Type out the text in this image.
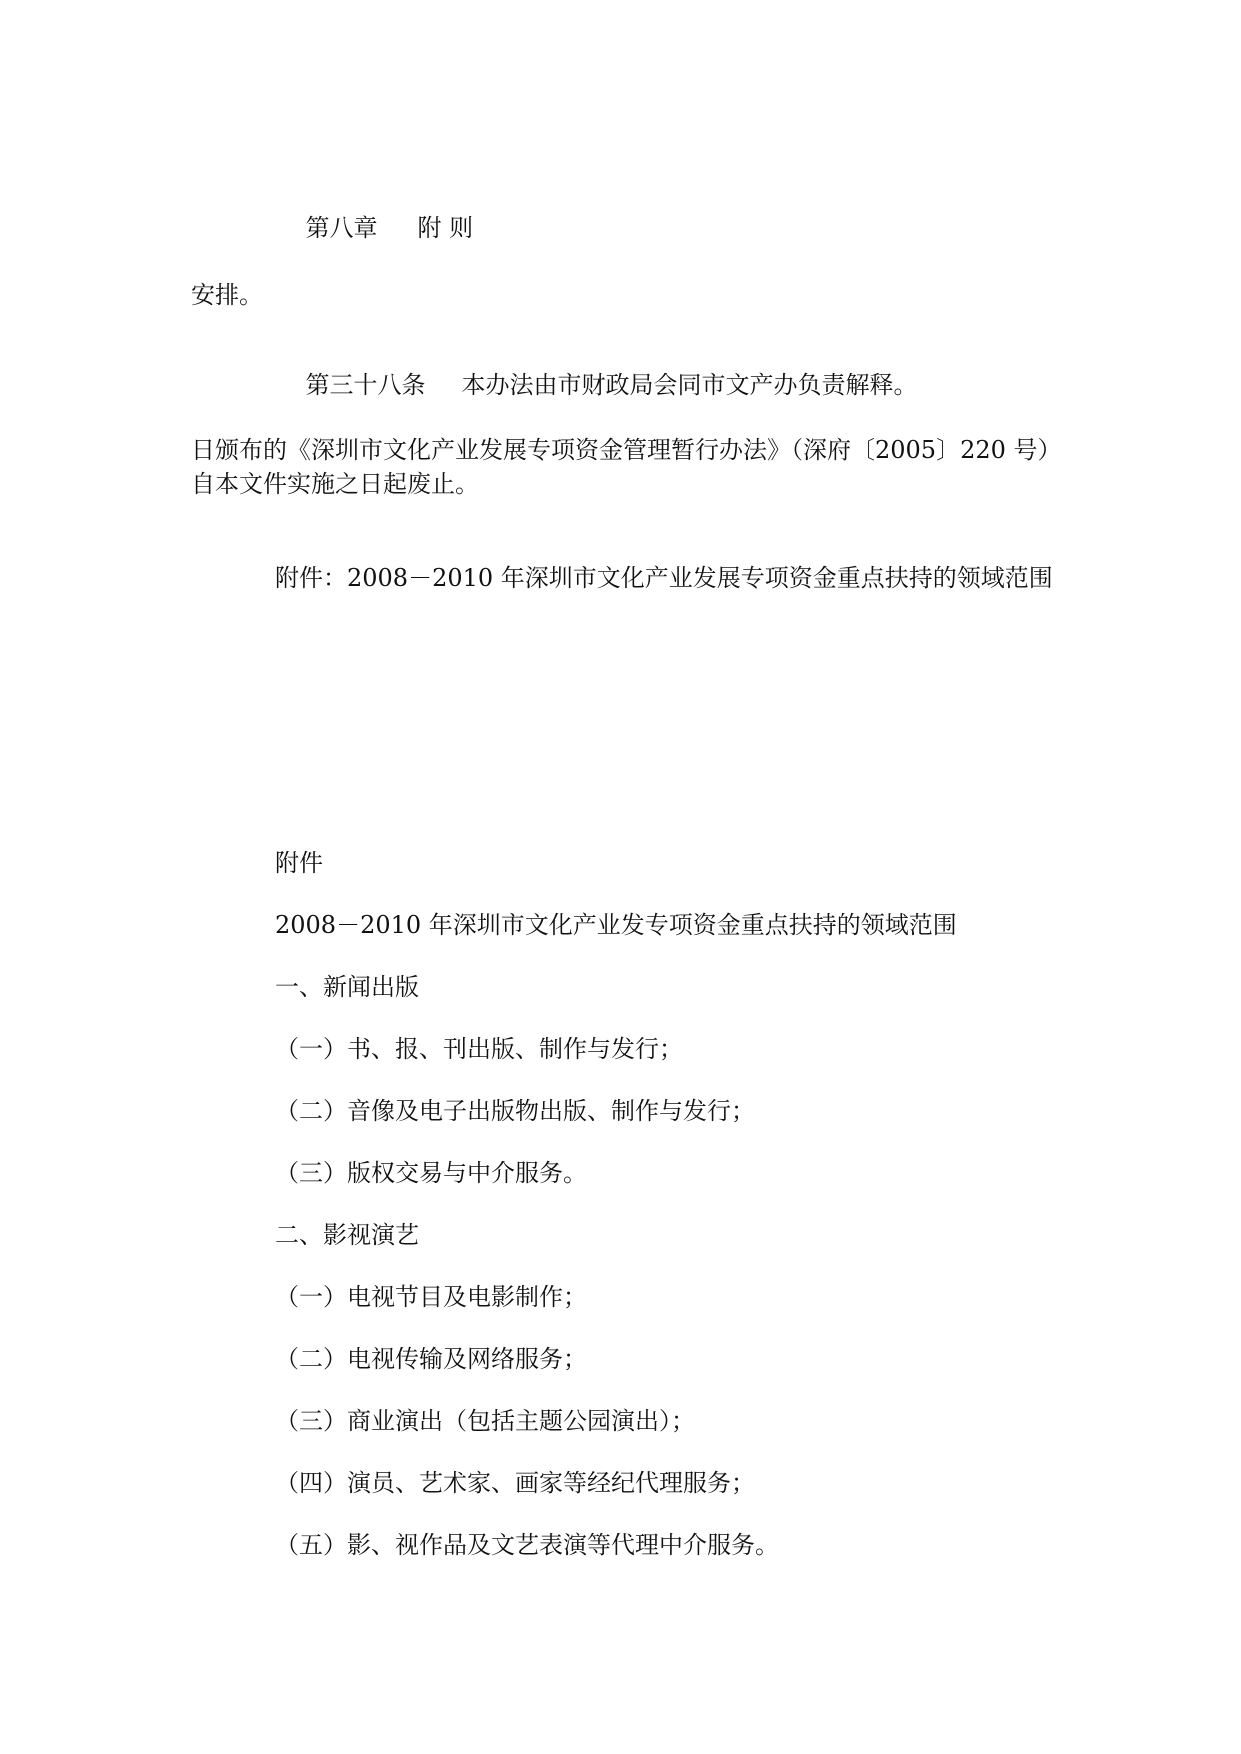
第八章 附 则

安排。

第三十八条 本办法由市财政局会同市文产办负责解释。

日颁布的《深圳市文化产业发展专项资金管理暂行办法》（深府〔2005〕220 号）
自本文件实施之日起废止。
附件：2008－2010 年深圳市文化产业发展专项资金重点扶持的领域范围
附件
2008－2010 年深圳市文化产业发专项资金重点扶持的领域范围
一、新闻出版
（一）书、报、刊出版、制作与发行；
（二）音像及电子出版物出版、制作与发行；
（三）版权交易与中介服务。
二、影视演艺
（一）电视节目及电影制作；
（二）电视传输及网络服务；
（三）商业演出（包括主题公园演出）；
（四）演员、艺术家、画家等经纪代理服务；
（五）影、视作品及文艺表演等代理中介服务。
